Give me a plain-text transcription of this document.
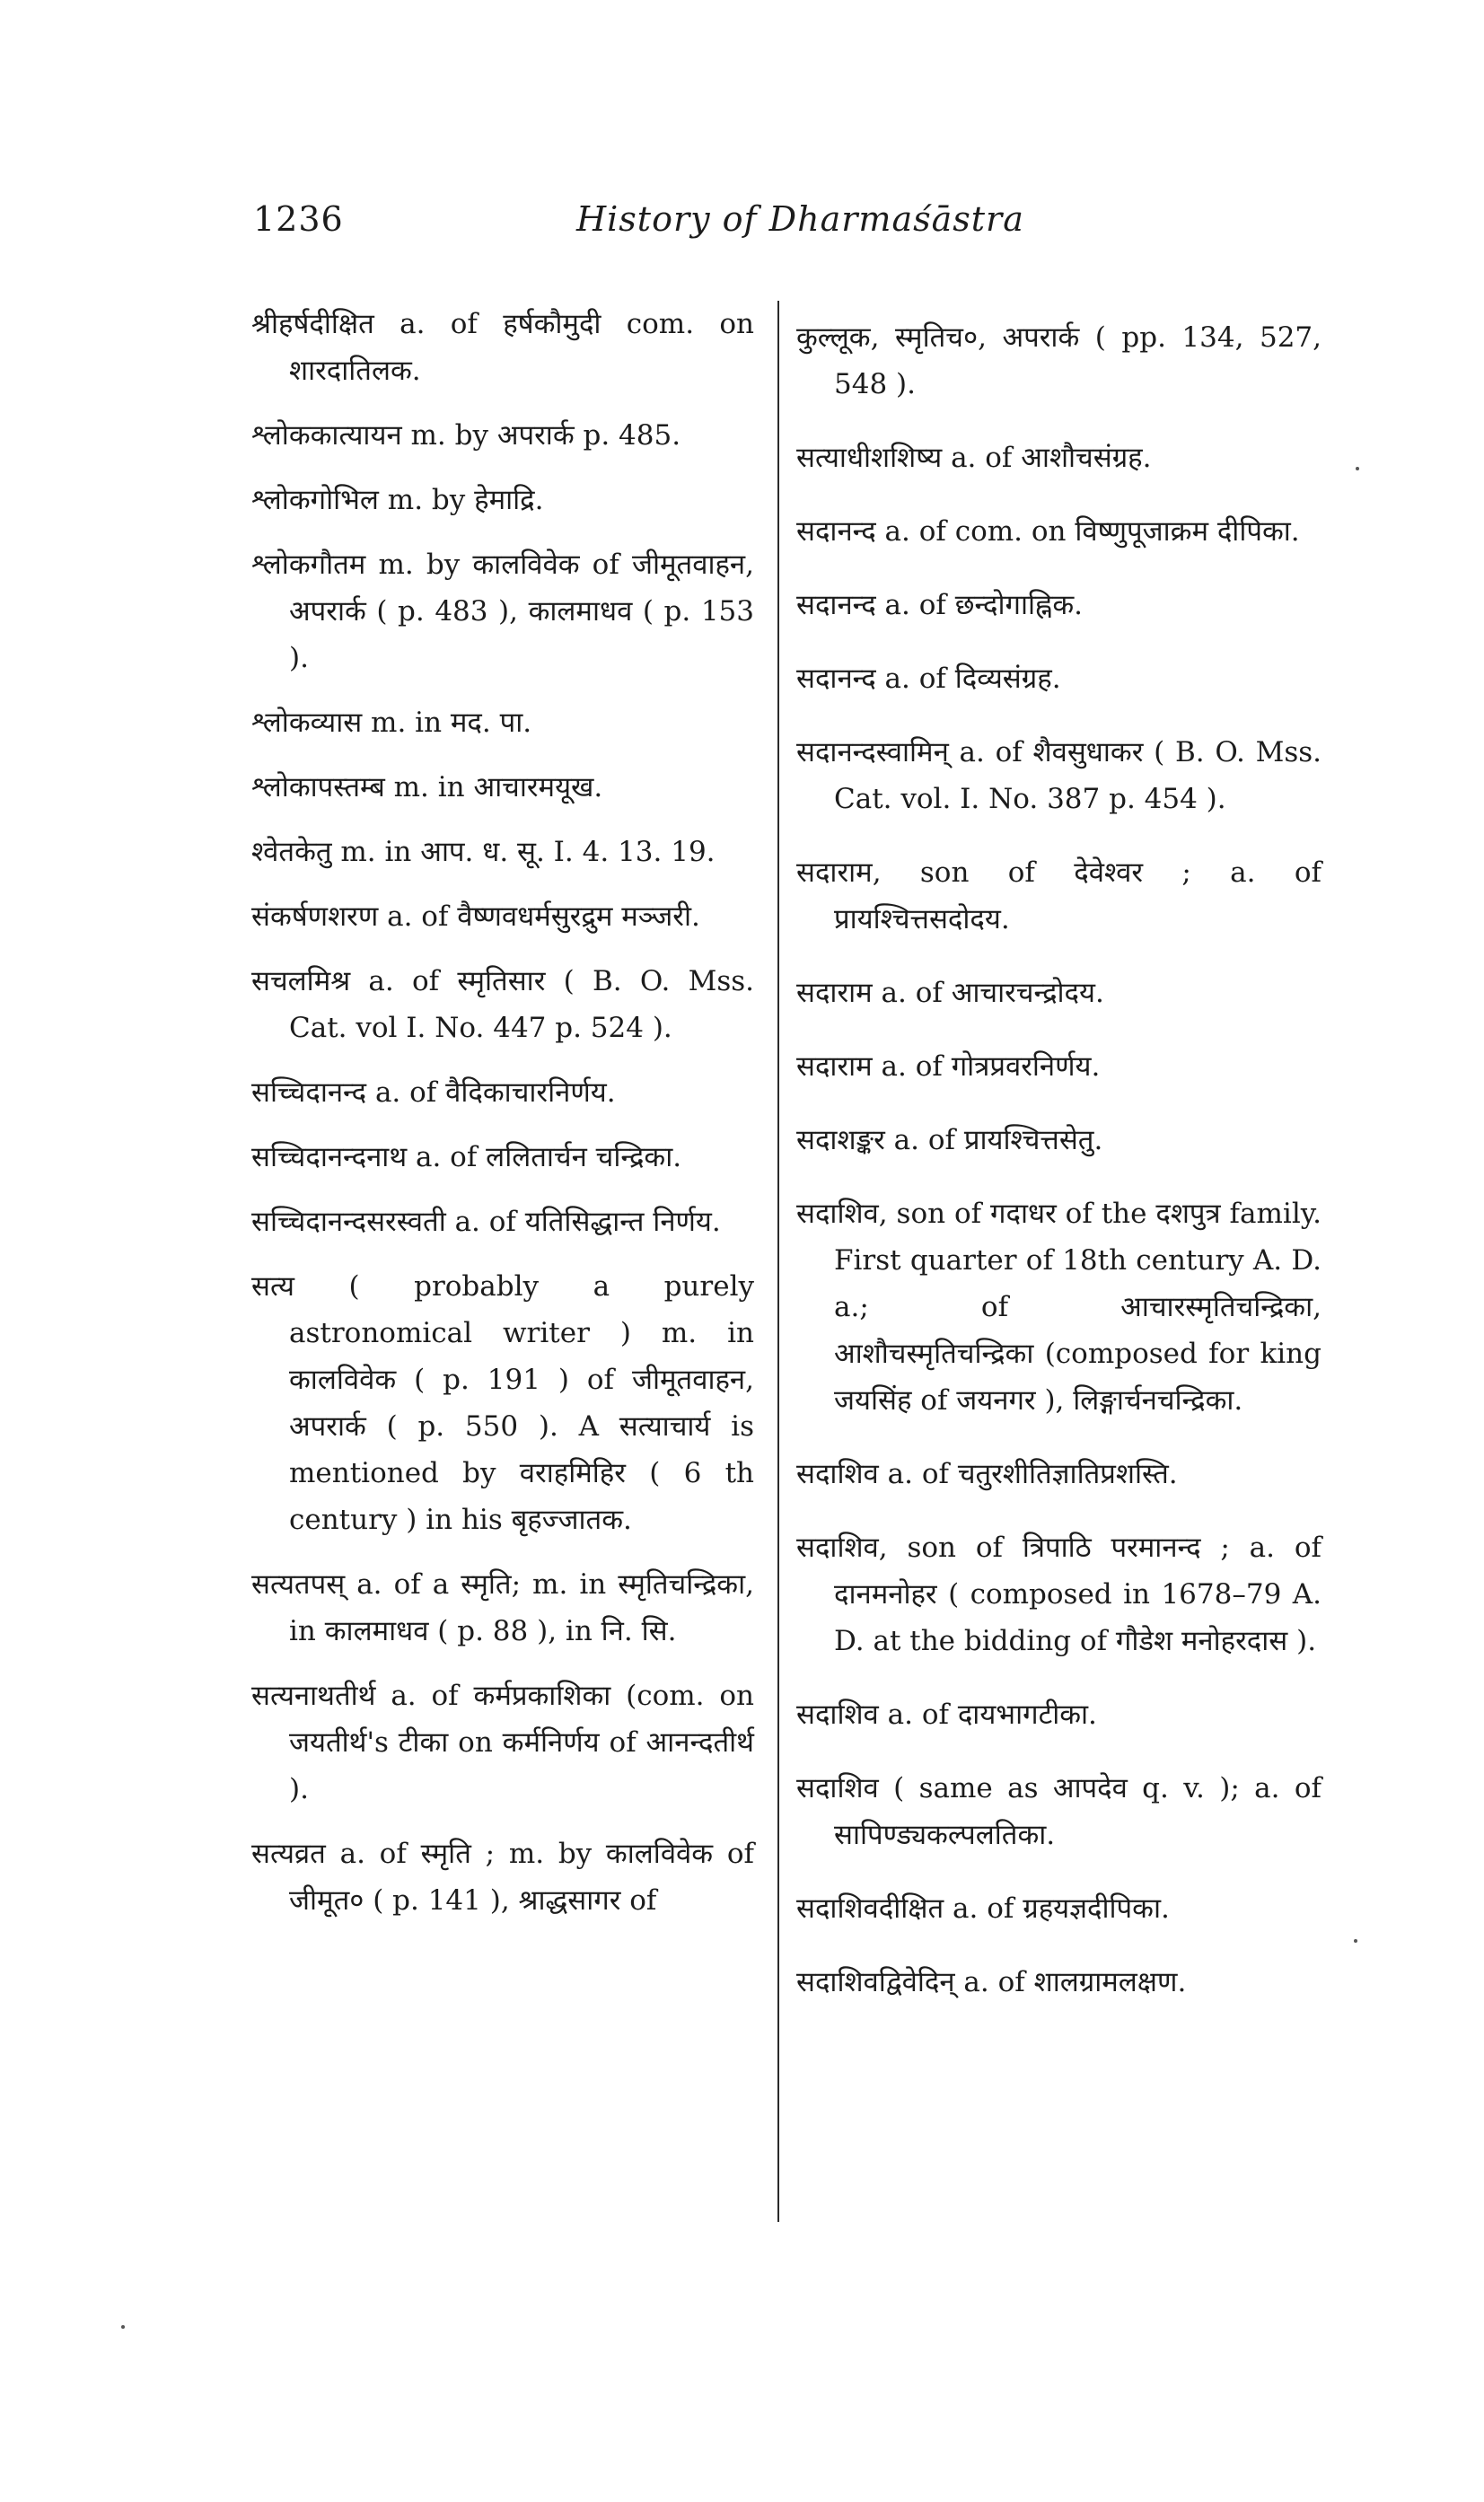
1236	History of Dharmaśāstra

श्रीहर्षदीक्षित a. of हर्षकौमुदी com. on शारदातिलक.

श्लोककात्यायन m. by अपरार्क p. 485.

श्लोकगोभिल m. by हेमाद्रि.

श्लोकगौतम m. by कालविवेक of जीमूतवाहन, अपरार्क ( p. 483 ), कालमाधव ( p. 153 ).

श्लोकव्यास m. in मद. पा.

श्लोकापस्तम्ब m. in आचारमयूख.

श्वेतकेतु m. in आप. ध. सू. I. 4. 13. 19.

संकर्षणशरण a. of वैष्णवधर्मसुरद्रुम मञ्जरी.

सचलमिश्र a. of स्मृतिसार ( B. O. Mss. Cat. vol I. No. 447 p. 524 ).

सच्चिदानन्द a. of वैदिकाचारनिर्णय.

सच्चिदानन्दनाथ a. of ललितार्चन चन्द्रिका.

सच्चिदानन्दसरस्वती a. of यतिसिद्धान्त निर्णय.

सत्य ( probably a purely astronomical writer ) m. in कालविवेक ( p. 191 ) of जीमूतवाहन, अपरार्क ( p. 550 ). A सत्याचार्य is mentioned by वराहमिहिर ( 6 th century ) in his बृहज्जातक.

सत्यतपस् a. of a स्मृति; m. in स्मृतिचन्द्रिका, in कालमाधव ( p. 88 ), in नि. सि.

सत्यनाथतीर्थ a. of कर्मप्रकाशिका (com. on जयतीर्थ's टीका on कर्मनिर्णय of आनन्दतीर्थ ).

सत्यव्रत a. of स्मृति ; m. by कालविवेक of जीमूत० ( p. 141 ), श्राद्धसागर of

कुल्लूक, स्मृतिच०, अपरार्क ( pp. 134, 527, 548 ).

सत्याधीशशिष्य a. of आशौचसंग्रह.

सदानन्द a. of com. on विष्णुपूजाक्रम दीपिका.

सदानन्द a. of छन्दोगाह्निक.

सदानन्द a. of दिव्यसंग्रह.

सदानन्दस्वामिन् a. of शैवसुधाकर ( B. O. Mss. Cat. vol. I. No. 387 p. 454 ).

सदाराम, son of देवेश्वर ; a. of प्रायश्चित्तसदोदय.

सदाराम a. of आचारचन्द्रोदय.

सदाराम a. of गोत्रप्रवरनिर्णय.

सदाशङ्कर a. of प्रायश्चित्तसेतु.

सदाशिव, son of गदाधर of the दशपुत्र family. First quarter of 18th century A. D. a.; of आचारस्मृतिचन्द्रिका, आशौचस्मृतिचन्द्रिका (composed for king जयसिंह of जयनगर ), लिङ्गार्चनचन्द्रिका.

सदाशिव a. of चतुरशीतिज्ञातिप्रशस्ति.

सदाशिव, son of त्रिपाठि परमानन्द ; a. of दानमनोहर ( composed in 1678–79 A. D. at the bidding of गौडेश मनोहरदास ).

सदाशिव a. of दायभागटीका.

सदाशिव ( same as आपदेव q. v. ); a. of सापिण्ड्यकल्पलतिका.

सदाशिवदीक्षित a. of ग्रहयज्ञदीपिका.

सदाशिवद्विवेदिन् a. of शालग्रामलक्षण.
